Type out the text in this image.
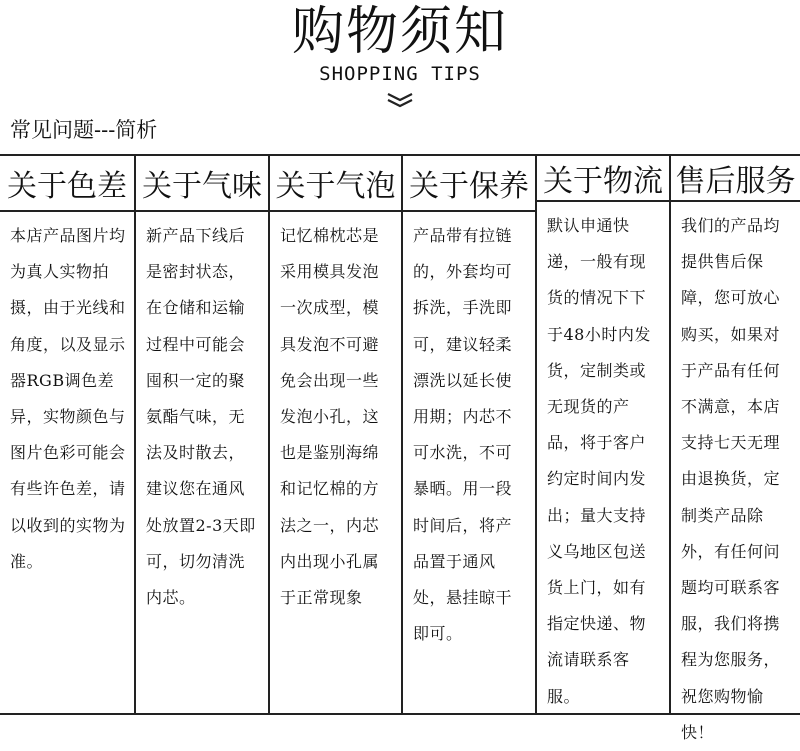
购物须知
SHOPPING TIPS
常见问题---简析
关于色差
本店产品图片均为真人实物拍摄，由于光线和角度，以及显示器RGB调色差异，实物颜色与图片色彩可能会有些许色差，请以收到的实物为准。
关于气味
新产品下线后是密封状态，在仓储和运输过程中可能会囤积一定的聚氨酯气味，无法及时散去，建议您在通风处放置2-3天即可，切勿清洗内芯。
关于气泡
记忆棉枕芯是采用模具发泡一次成型，模具发泡不可避免会出现一些发泡小孔，这也是鉴别海绵和记忆棉的方法之一，内芯内出现小孔属于正常现象
关于保养
产品带有拉链的，外套均可拆洗，手洗即可，建议轻柔漂洗以延长使用期；内芯不可水洗，不可暴晒。用一段时间后，将产品置于通风处，悬挂晾干即可。
关于物流
默认申通快递，一般有现货的情况下下于48小时内发货，定制类或无现货的产品，将于客户约定时间内发出；量大支持义乌地区包送货上门，如有指定快递、物流请联系客服。
售后服务
我们的产品均提供售后保障，您可放心购买，如果对于产品有任何不满意，本店支持七天无理由退换货，定制类产品除外，有任何问题均可联系客服，我们将携程为您服务，祝您购物愉快！
